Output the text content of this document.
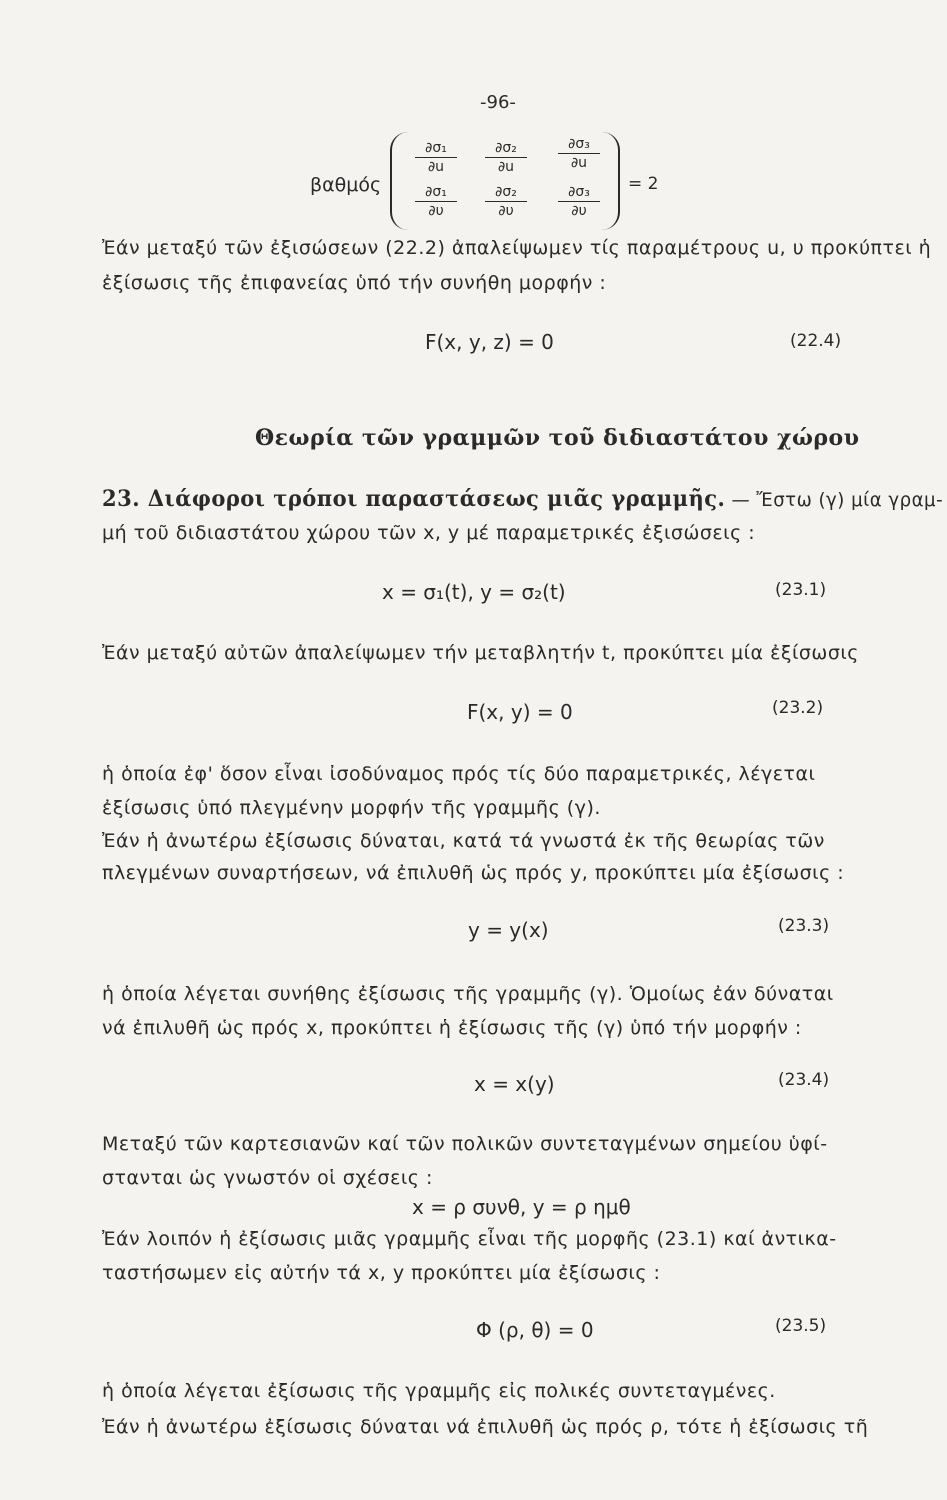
-96-
βαθμός
$\frac{\text{∂σ₁}}{\partial u} \frac{\text{∂σ₂}}{\partial u} \frac{\text{∂σ₃}}{\partial u}$
$\frac{\text{∂σ₁}}{\partial\upsilon} \frac{\text{∂σ₂}}{\partial\upsilon} \frac{\text{∂σ₃}}{\partial\upsilon} = 2$
Ἐάν μεταξύ τῶν ἐξισώσεων (22.2) ἀπαλείψωμεν τίς παραμέτρους u, υ προκύπτει ἡ
ἐξίσωσις τῆς ἐπιφανείας ὑπό τήν συνήθη μορφήν :
F(x, y, z) = 0	(22.4)
Θεωρία τῶν γραμμῶν τοῦ διδιαστάτου χώρου
23. Διάφοροι τρόποι παραστάσεως μιᾶς γραμμῆς. — Ἔστω (γ) μία γραμ-
μή τοῦ διδιαστάτου χώρου τῶν x, y μέ παραμετρικές ἐξισώσεις :
x = σ₁(t), y = σ₂(t)	(23.1)
Ἐάν μεταξύ αὐτῶν ἀπαλείψωμεν τήν μεταβλητήν t, προκύπτει μία ἐξίσωσις
F(x, y) = 0	(23.2)
ἡ ὁποία ἐφ' ὅσον εἶναι ἰσοδύναμος πρός τίς δύο παραμετρικές, λέγεται
ἐξίσωσις ὑπό πλεγμένην μορφήν τῆς γραμμῆς (γ).
Ἐάν ἡ ἀνωτέρω ἐξίσωσις δύναται, κατά τά γνωστά ἐκ τῆς θεωρίας τῶν
πλεγμένων συναρτήσεων, νά ἐπιλυθῆ ὡς πρός y, προκύπτει μία ἐξίσωσις :
y = y(x)	(23.3)
ἡ ὁποία λέγεται συνήθης ἐξίσωσις τῆς γραμμῆς (γ). Ὁμοίως ἐάν δύναται
νά ἐπιλυθῆ ὡς πρός x, προκύπτει ἡ ἐξίσωσις τῆς (γ) ὑπό τήν μορφήν :
x = x(y)	(23.4)
Μεταξύ τῶν καρτεσιανῶν καί τῶν πολικῶν συντεταγμένων σημείου ὑφί-
στανται ὡς γνωστόν οἱ σχέσεις :
x = ρ συνθ, y = ρ ημθ
Ἐάν λοιπόν ἡ ἐξίσωσις μιᾶς γραμμῆς εἶναι τῆς μορφῆς (23.1) καί ἀντικα-
ταστήσωμεν εἰς αὐτήν τά x, y προκύπτει μία ἐξίσωσις :
Φ (ρ, θ) = 0	(23.5)
ἡ ὁποία λέγεται ἐξίσωσις τῆς γραμμῆς εἰς πολικές συντεταγμένες.
Ἐάν ἡ ἀνωτέρω ἐξίσωσις δύναται νά ἐπιλυθῆ ὡς πρός ρ, τότε ἡ ἐξίσωσις τῆ
